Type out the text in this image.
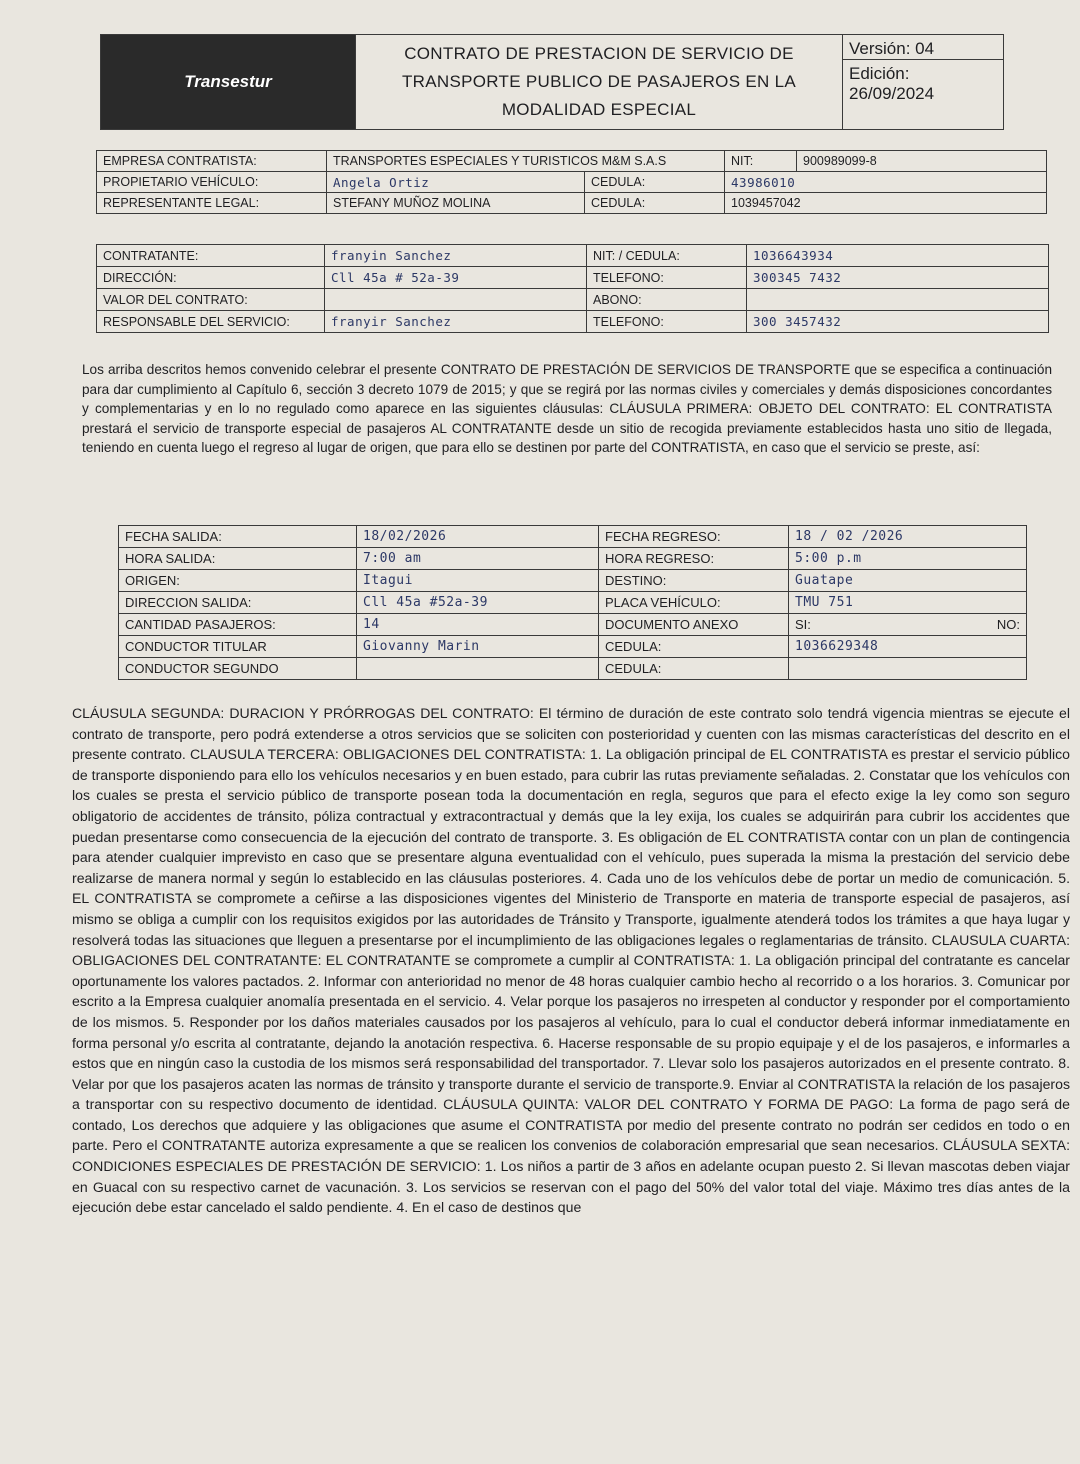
Transestur	
CONTRATO DE PRESTACION DE SERVICIO DE
TRANSPORTE PUBLICO DE PASAJEROS EN LA
MODALIDAD ESPECIAL
	Versión: 04

Edición:
26/09/2024
EMPRESA CONTRATISTA:	TRANSPORTES ESPECIALES Y TURISTICOS M&M S.A.S		NIT:	900989099-8
PROPIETARIO VEHÍCULO:	Angela Ortiz	CEDULA:	43986010	
REPRESENTANTE LEGAL:	STEFANY MUÑOZ MOLINA	CEDULA:	1039457042	
CONTRATANTE:	franyin Sanchez	NIT: / CEDULA:	1036643934
DIRECCIÓN:	Cll 45a # 52a-39	TELEFONO:	300345 7432
VALOR DEL CONTRATO:		ABONO:	
RESPONSABLE DEL SERVICIO:	franyir Sanchez	TELEFONO:	300 3457432
Los arriba descritos hemos convenido celebrar el presente CONTRATO DE PRESTACIÓN DE SERVICIOS DE TRANSPORTE que se especifica a continuación para dar cumplimiento al Capítulo 6, sección 3 decreto 1079 de 2015; y que se regirá por las normas civiles y comerciales y demás disposiciones concordantes y complementarias y en lo no regulado como aparece en las siguientes cláusulas: CLÁUSULA PRIMERA: OBJETO DEL CONTRATO: EL CONTRATISTA prestará el servicio de transporte especial de pasajeros AL CONTRATANTE desde un sitio de recogida previamente establecidos hasta uno sitio de llegada, teniendo en cuenta luego el regreso al lugar de origen, que para ello se destinen por parte del CONTRATISTA, en caso que el servicio se preste, así:
FECHA SALIDA:	18/02/2026	FECHA REGRESO:	18 / 02 /2026
HORA SALIDA:	7:00 am	HORA REGRESO:	5:00 p.m
ORIGEN:	Itagui	DESTINO:	Guatape
DIRECCION SALIDA:	Cll 45a #52a-39	PLACA VEHÍCULO:	TMU 751
CANTIDAD PASAJEROS:	14	DOCUMENTO ANEXO	SI: NO:

CONDUCTOR TITULAR	Giovanny Marin	CEDULA:	1036629348
CONDUCTOR SEGUNDO		CEDULA:	
CLÁUSULA SEGUNDA: DURACION Y PRÓRROGAS DEL CONTRATO: El término de duración de este contrato solo tendrá vigencia mientras se ejecute el contrato de transporte, pero podrá extenderse a otros servicios que se soliciten con posterioridad y cuenten con las mismas características del descrito en el presente contrato. CLAUSULA TERCERA: OBLIGACIONES DEL CONTRATISTA: 1. La obligación principal de EL CONTRATISTA es prestar el servicio público de transporte disponiendo para ello los vehículos necesarios y en buen estado, para cubrir las rutas previamente señaladas. 2. Constatar que los vehículos con los cuales se presta el servicio público de transporte posean toda la documentación en regla, seguros que para el efecto exige la ley como son seguro obligatorio de accidentes de tránsito, póliza contractual y extracontractual y demás que la ley exija, los cuales se adquirirán para cubrir los accidentes que puedan presentarse como consecuencia de la ejecución del contrato de transporte. 3. Es obligación de EL CONTRATISTA contar con un plan de contingencia para atender cualquier imprevisto en caso que se presentare alguna eventualidad con el vehículo, pues superada la misma la prestación del servicio debe realizarse de manera normal y según lo establecido en las cláusulas posteriores. 4. Cada uno de los vehículos debe de portar un medio de comunicación. 5. EL CONTRATISTA se compromete a ceñirse a las disposiciones vigentes del Ministerio de Transporte en materia de transporte especial de pasajeros, así mismo se obliga a cumplir con los requisitos exigidos por las autoridades de Tránsito y Transporte, igualmente atenderá todos los trámites a que haya lugar y resolverá todas las situaciones que lleguen a presentarse por el incumplimiento de las obligaciones legales o reglamentarias de tránsito. CLAUSULA CUARTA: OBLIGACIONES DEL CONTRATANTE: EL CONTRATANTE se compromete a cumplir al CONTRATISTA: 1. La obligación principal del contratante es cancelar oportunamente los valores pactados. 2. Informar con anterioridad no menor de 48 horas cualquier cambio hecho al recorrido o a los horarios. 3. Comunicar por escrito a la Empresa cualquier anomalía presentada en el servicio. 4. Velar porque los pasajeros no irrespeten al conductor y responder por el comportamiento de los mismos. 5. Responder por los daños materiales causados por los pasajeros al vehículo, para lo cual el conductor deberá informar inmediatamente en forma personal y/o escrita al contratante, dejando la anotación respectiva. 6. Hacerse responsable de su propio equipaje y el de los pasajeros, e informarles a estos que en ningún caso la custodia de los mismos será responsabilidad del transportador. 7. Llevar solo los pasajeros autorizados en el presente contrato. 8. Velar por que los pasajeros acaten las normas de tránsito y transporte durante el servicio de transporte.9. Enviar al CONTRATISTA la relación de los pasajeros a transportar con su respectivo documento de identidad. CLÁUSULA QUINTA: VALOR DEL CONTRATO Y FORMA DE PAGO: La forma de pago será de contado, Los derechos que adquiere y las obligaciones que asume el CONTRATISTA por medio del presente contrato no podrán ser cedidos en todo o en parte. Pero el CONTRATANTE autoriza expresamente a que se realicen los convenios de colaboración empresarial que sean necesarios. CLÁUSULA SEXTA: CONDICIONES ESPECIALES DE PRESTACIÓN DE SERVICIO: 1. Los niños a partir de 3 años en adelante ocupan puesto 2. Si llevan mascotas deben viajar en Guacal con su respectivo carnet de vacunación. 3. Los servicios se reservan con el pago del 50% del valor total del viaje. Máximo tres días antes de la ejecución debe estar cancelado el saldo pendiente. 4. En el caso de destinos que
